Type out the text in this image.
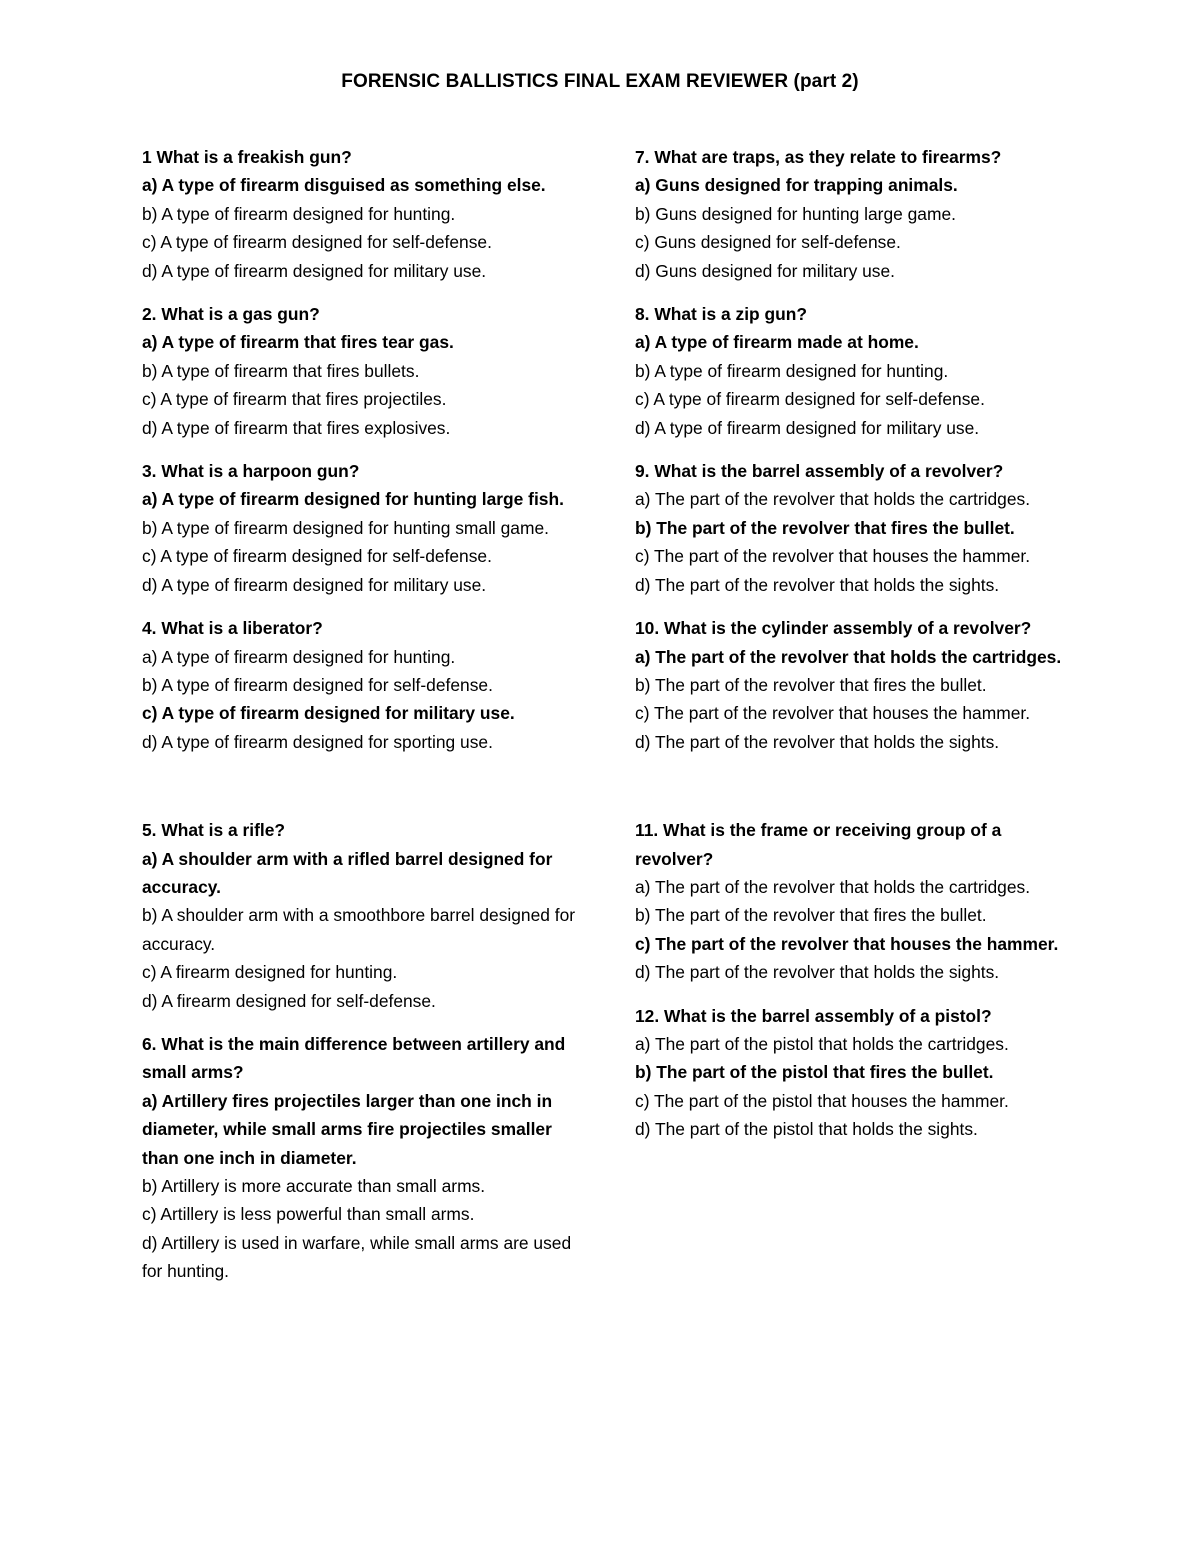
FORENSIC BALLISTICS FINAL EXAM REVIEWER (part 2)
1 What is a freakish gun?
a) A type of firearm disguised as something else.
b) A type of firearm designed for hunting.
c) A type of firearm designed for self-defense.
d) A type of firearm designed for military use.
2. What is a gas gun?
a) A type of firearm that fires tear gas.
b) A type of firearm that fires bullets.
c) A type of firearm that fires projectiles.
d) A type of firearm that fires explosives.
3. What is a harpoon gun?
a) A type of firearm designed for hunting large fish.
b) A type of firearm designed for hunting small game.
c) A type of firearm designed for self-defense.
d) A type of firearm designed for military use.
4. What is a liberator?
a) A type of firearm designed for hunting.
b) A type of firearm designed for self-defense.
c) A type of firearm designed for military use.
d) A type of firearm designed for sporting use.
5. What is a rifle?
a) A shoulder arm with a rifled barrel designed for accuracy.
b) A shoulder arm with a smoothbore barrel designed for accuracy.
c) A firearm designed for hunting.
d) A firearm designed for self-defense.
6. What is the main difference between artillery and small arms?
a) Artillery fires projectiles larger than one inch in diameter, while small arms fire projectiles smaller than one inch in diameter.
b) Artillery is more accurate than small arms.
c) Artillery is less powerful than small arms.
d) Artillery is used in warfare, while small arms are used for hunting.
7. What are traps, as they relate to firearms?
a) Guns designed for trapping animals.
b) Guns designed for hunting large game.
c) Guns designed for self-defense.
d) Guns designed for military use.
8. What is a zip gun?
a) A type of firearm made at home.
b) A type of firearm designed for hunting.
c) A type of firearm designed for self-defense.
d) A type of firearm designed for military use.
9. What is the barrel assembly of a revolver?
a) The part of the revolver that holds the cartridges.
b) The part of the revolver that fires the bullet.
c) The part of the revolver that houses the hammer.
d) The part of the revolver that holds the sights.
10. What is the cylinder assembly of a revolver?
a) The part of the revolver that holds the cartridges.
b) The part of the revolver that fires the bullet.
c) The part of the revolver that houses the hammer.
d) The part of the revolver that holds the sights.
11. What is the frame or receiving group of a revolver?
a) The part of the revolver that holds the cartridges.
b) The part of the revolver that fires the bullet.
c) The part of the revolver that houses the hammer.
d) The part of the revolver that holds the sights.
12. What is the barrel assembly of a pistol?
a) The part of the pistol that holds the cartridges.
b) The part of the pistol that fires the bullet.
c) The part of the pistol that houses the hammer.
d) The part of the pistol that holds the sights.
